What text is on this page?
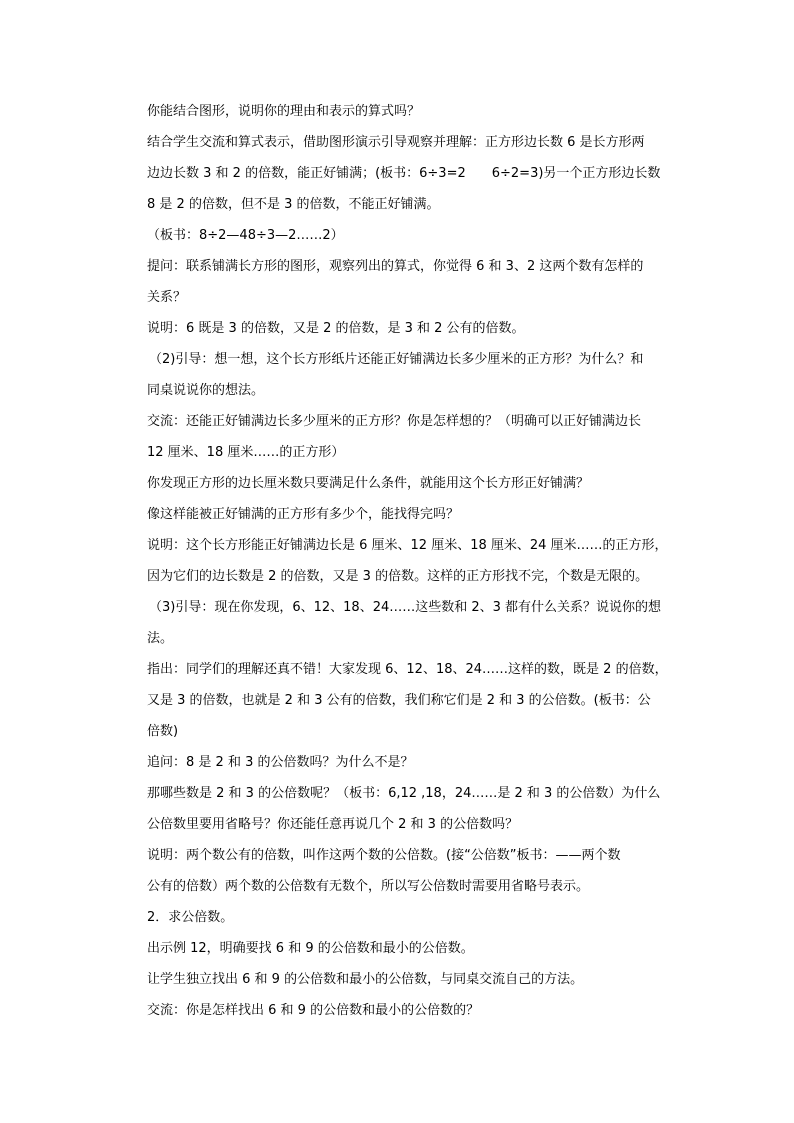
你能结合图形，说明你的理由和表示的算式吗？
结合学生交流和算式表示，借助图形演示引导观察并理解：正方形边长数 6 是长方形两
边边长数 3 和 2 的倍数，能正好铺满；(板书：6÷3=2　　6÷2=3)另一个正方形边长数
8 是 2 的倍数，但不是 3 的倍数，不能正好铺满。
（板书：8÷2—48÷3—2……2）
提问：联系铺满长方形的图形，观察列出的算式，你觉得 6 和 3、2 这两个数有怎样的
关系？
说明：6 既是 3 的倍数，又是 2 的倍数，是 3 和 2 公有的倍数。
（2)引导：想一想，这个长方形纸片还能正好铺满边长多少厘米的正方形？为什么？和
同桌说说你的想法。
交流：还能正好铺满边长多少厘米的正方形？你是怎样想的？（明确可以正好铺满边长
12 厘米、18 厘米……的正方形）
你发现正方形的边长厘米数只要满足什么条件，就能用这个长方形正好铺满？
像这样能被正好铺满的正方形有多少个，能找得完吗？
说明：这个长方形能正好铺满边长是 6 厘米、12 厘米、18 厘米、24 厘米……的正方形，
因为它们的边长数是 2 的倍数，又是 3 的倍数。这样的正方形找不完，个数是无限的。
（3)引导：现在你发现，6、12、18、24……这些数和 2、3 都有什么关系？说说你的想
法。
指出：同学们的理解还真不错！大家发现 6、12、18、24……这样的数，既是 2 的倍数，
又是 3 的倍数，也就是 2 和 3 公有的倍数，我们称它们是 2 和 3 的公倍数。(板书：公
倍数)
追问：8 是 2 和 3 的公倍数吗？为什么不是？
那哪些数是 2 和 3 的公倍数呢？（板书：6,12 ,18，24……是 2 和 3 的公倍数）为什么
公倍数里要用省略号？你还能任意再说几个 2 和 3 的公倍数吗？
说明：两个数公有的倍数，叫作这两个数的公倍数。(接“公倍数”板书：——两个数
公有的倍数）两个数的公倍数有无数个，所以写公倍数时需要用省略号表示。
2．求公倍数。
出示例 12，明确要找 6 和 9 的公倍数和最小的公倍数。
让学生独立找出 6 和 9 的公倍数和最小的公倍数，与同桌交流自己的方法。
交流：你是怎样找出 6 和 9 的公倍数和最小的公倍数的？
